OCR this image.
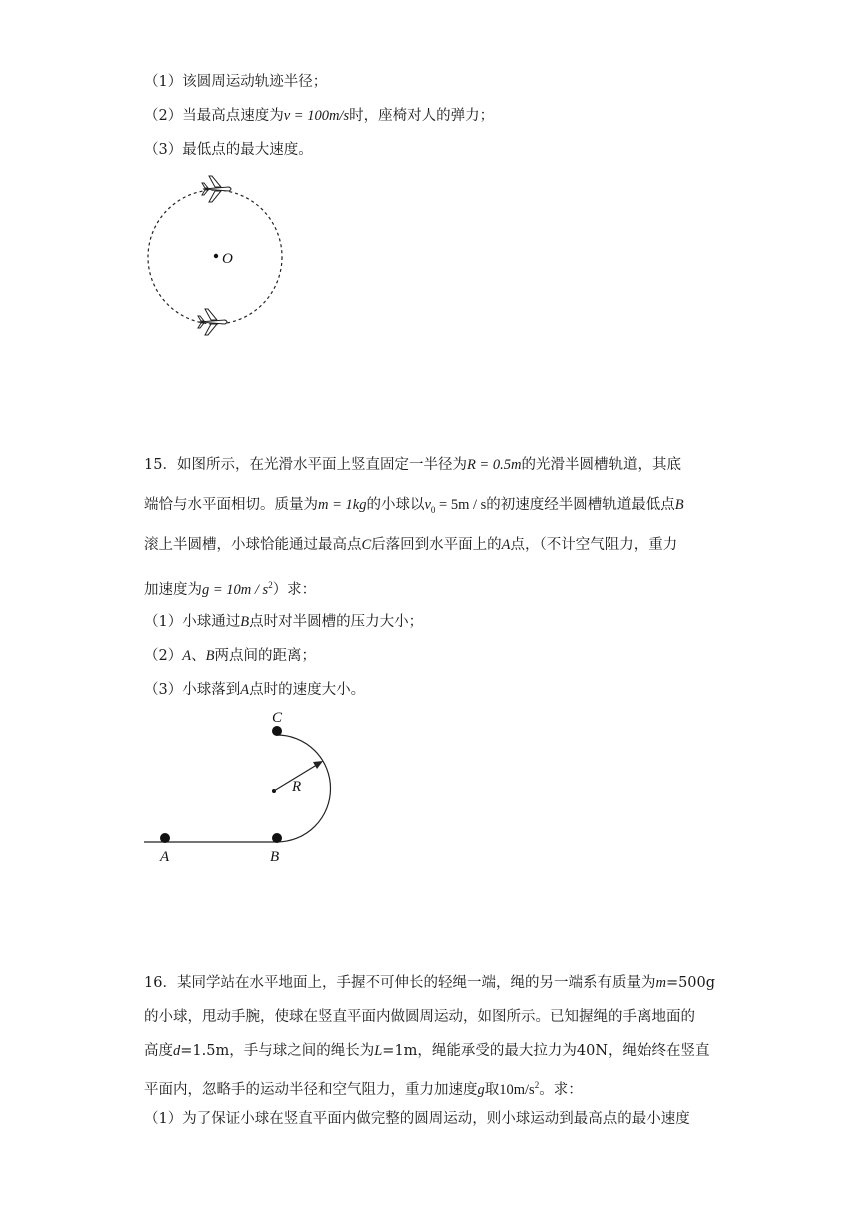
（1）该圆周运动轨迹半径；
（2）当最高点速度为v = 100m/s时，座椅对人的弹力；
（3）最低点的最大速度。
O
15．如图所示，在光滑水平面上竖直固定一半径为R = 0.5m的光滑半圆槽轨道，其底
端恰与水平面相切。质量为m = 1kg的小球以$v_0 = 5m / s$的初速度经半圆槽轨道最低点B
滚上半圆槽，小球恰能通过最高点C后落回到水平面上的A点，（不计空气阻力，重力
加速度为$g = 10m / s^2$）求：
（1）小球通过B点时对半圆槽的压力大小；
（2）A、B两点间的距离；
（3）小球落到A点时的速度大小。
R
C
A	B
16．某同学站在水平地面上，手握不可伸长的轻绳一端，绳的另一端系有质量为m=500g
的小球，甩动手腕，使球在竖直平面内做圆周运动，如图所示。已知握绳的手离地面的
高度d=1.5m，手与球之间的绳长为L=1m，绳能承受的最大拉力为40N，绳始终在竖直
平面内，忽略手的运动半径和空气阻力，重力加速度g取$10m/s^2$。求：
（1）为了保证小球在竖直平面内做完整的圆周运动，则小球运动到最高点的最小速度
